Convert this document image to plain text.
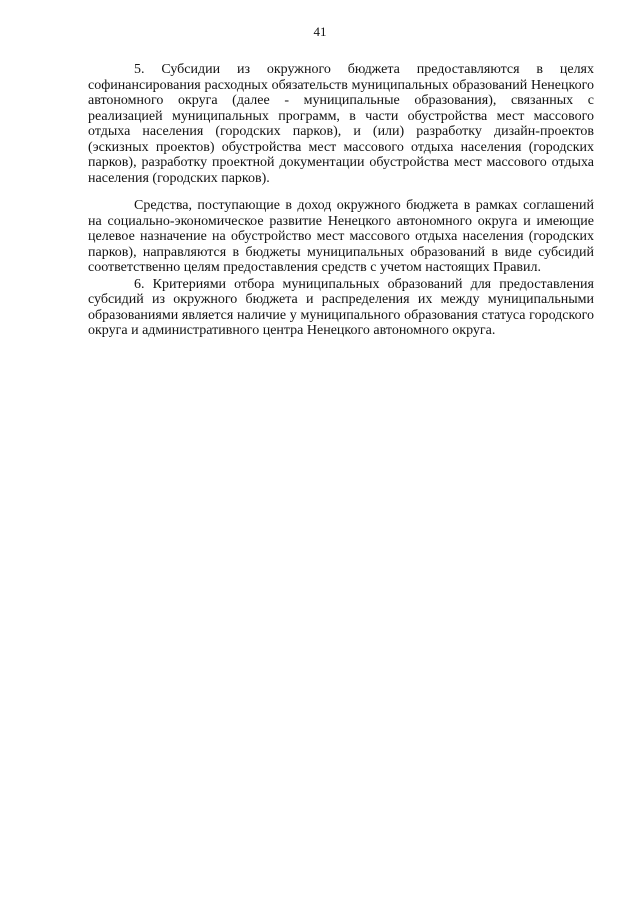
41

5. Субсидии из окружного бюджета предоставляются в целях софинансирования расходных обязательств муниципальных образований Ненецкого автономного округа (далее - муниципальные образования), связанных с реализацией муниципальных программ, в части обустройства мест массового отдыха населения (городских парков), и (или) разработку дизайн-проектов (эскизных проектов) обустройства мест массового отдыха населения (городских парков), разработку проектной документации обустройства мест массового отдыха населения (городских парков).

Средства, поступающие в доход окружного бюджета в рамках соглашений на социально-экономическое развитие Ненецкого автономного округа и имеющие целевое назначение на обустройство мест массового отдыха населения (городских парков), направляются в бюджеты муниципальных образований в виде субсидий соответственно целям предоставления средств с учетом настоящих Правил.

6. Критериями отбора муниципальных образований для предоставления субсидий из окружного бюджета и распределения их между муниципальными образованиями является наличие у муниципального образования статуса городского округа и административного центра Ненецкого автономного округа.
